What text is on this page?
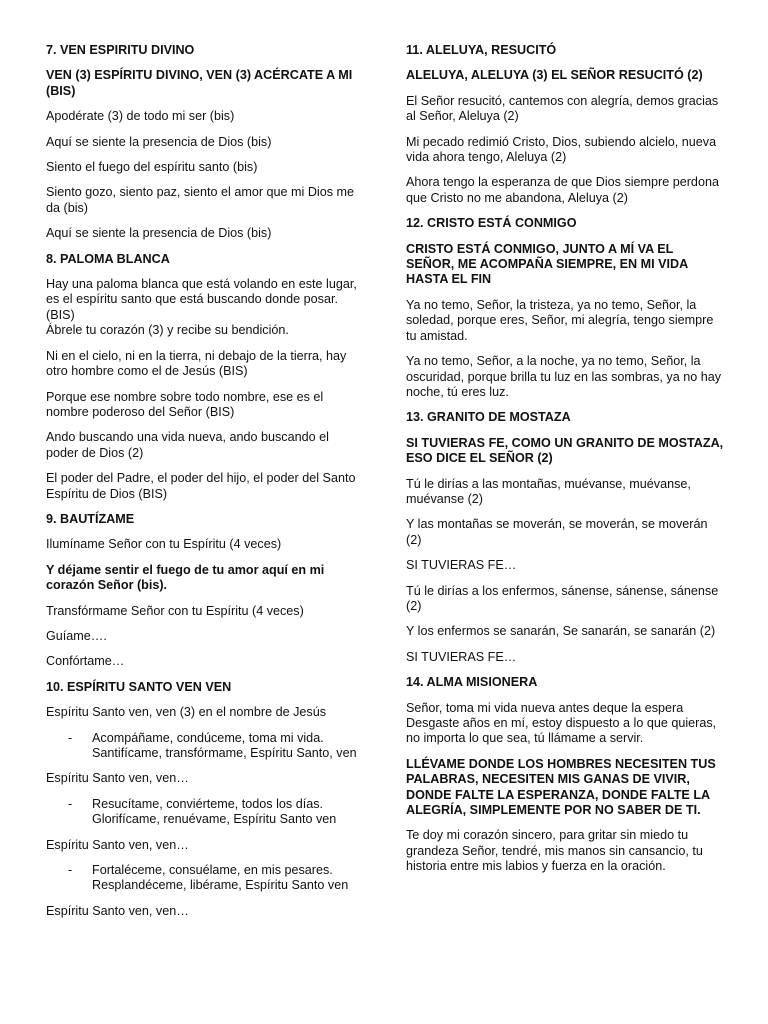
7. VEN ESPIRITU DIVINO
VEN (3) ESPÍRITU DIVINO, VEN (3) ACÉRCATE A MI (BIS)
Apodérate (3) de todo mi ser (bis)
Aquí se siente la presencia de Dios (bis)
Siento el fuego del espíritu santo (bis)
Siento gozo, siento paz, siento el amor que mi Dios me da (bis)
Aquí se siente la presencia de Dios (bis)
8. PALOMA BLANCA
Hay una paloma blanca que está volando en este lugar, es el espíritu santo que está buscando donde posar. (BIS)
Ábrele tu corazón (3) y recibe su bendición.
Ni en el cielo, ni en la tierra, ni debajo de la tierra, hay otro hombre como el de Jesús (BIS)
Porque ese nombre sobre todo nombre, ese es el nombre poderoso del Señor (BIS)
Ando buscando una vida nueva, ando buscando el poder de Dios (2)
El poder del Padre, el poder del hijo, el poder del Santo Espíritu de Dios (BIS)
9. BAUTÍZAME
Ilumíname Señor con tu Espíritu (4 veces)
Y déjame sentir el fuego de tu amor aquí en mi corazón Señor (bis).
Transfórmame Señor con tu Espíritu (4 veces)
Guíame….
Confórtame…
10. ESPÍRITU SANTO VEN VEN
Espíritu Santo ven, ven (3) en el nombre de Jesús
- Acompáñame, condúceme, toma mi vida. Santifícame, transfórmame, Espíritu Santo, ven
Espíritu Santo ven, ven…
- Resucítame, conviérteme, todos los días. Glorifícame, renuévame, Espíritu Santo ven
Espíritu Santo ven, ven…
- Fortaléceme, consuélame, en mis pesares. Resplandéceme, libérame, Espíritu Santo ven
Espíritu Santo ven, ven…
11. ALELUYA, RESUCITÓ
ALELUYA, ALELUYA (3) EL SEÑOR RESUCITÓ (2)
El Señor resucitó, cantemos con alegría, demos gracias al Señor, Aleluya (2)
Mi pecado redimió Cristo, Dios, subiendo alcielo, nueva vida ahora tengo, Aleluya (2)
Ahora tengo la esperanza de que Dios siempre perdona que Cristo no me abandona, Aleluya (2)
12. CRISTO ESTÁ CONMIGO
CRISTO ESTÁ CONMIGO, JUNTO A MÍ VA EL SEÑOR, ME ACOMPAÑA SIEMPRE, EN MI VIDA HASTA EL FIN
Ya no temo, Señor, la tristeza, ya no temo, Señor, la soledad, porque eres, Señor, mi alegría, tengo siempre tu amistad.
Ya no temo, Señor, a la noche, ya no temo, Señor, la oscuridad, porque brilla tu luz en las sombras, ya no hay noche, tú eres luz.
13. GRANITO DE MOSTAZA
SI TUVIERAS FE, COMO UN GRANITO DE MOSTAZA, ESO DICE EL SEÑOR (2)
Tú le dirías a las montañas, muévanse, muévanse, muévanse (2)
Y las montañas se moverán, se moverán, se moverán (2)
SI TUVIERAS FE…
Tú le dirías a los enfermos, sánense, sánense, sánense (2)
Y los enfermos se sanarán, Se sanarán, se sanarán (2)
SI TUVIERAS FE…
14. ALMA MISIONERA
Señor, toma mi vida nueva antes deque la espera Desgaste años en mí, estoy dispuesto a lo que quieras, no importa lo que sea, tú llámame a servir.
LLÉVAME DONDE LOS HOMBRES NECESITEN TUS PALABRAS, NECESITEN MIS GANAS DE VIVIR, DONDE FALTE LA ESPERANZA, DONDE FALTE LA ALEGRÍA, SIMPLEMENTE POR NO SABER DE TI.
Te doy mi corazón sincero, para gritar sin miedo tu grandeza Señor, tendré, mis manos sin cansancio, tu historia entre mis labios y fuerza en la oración.
